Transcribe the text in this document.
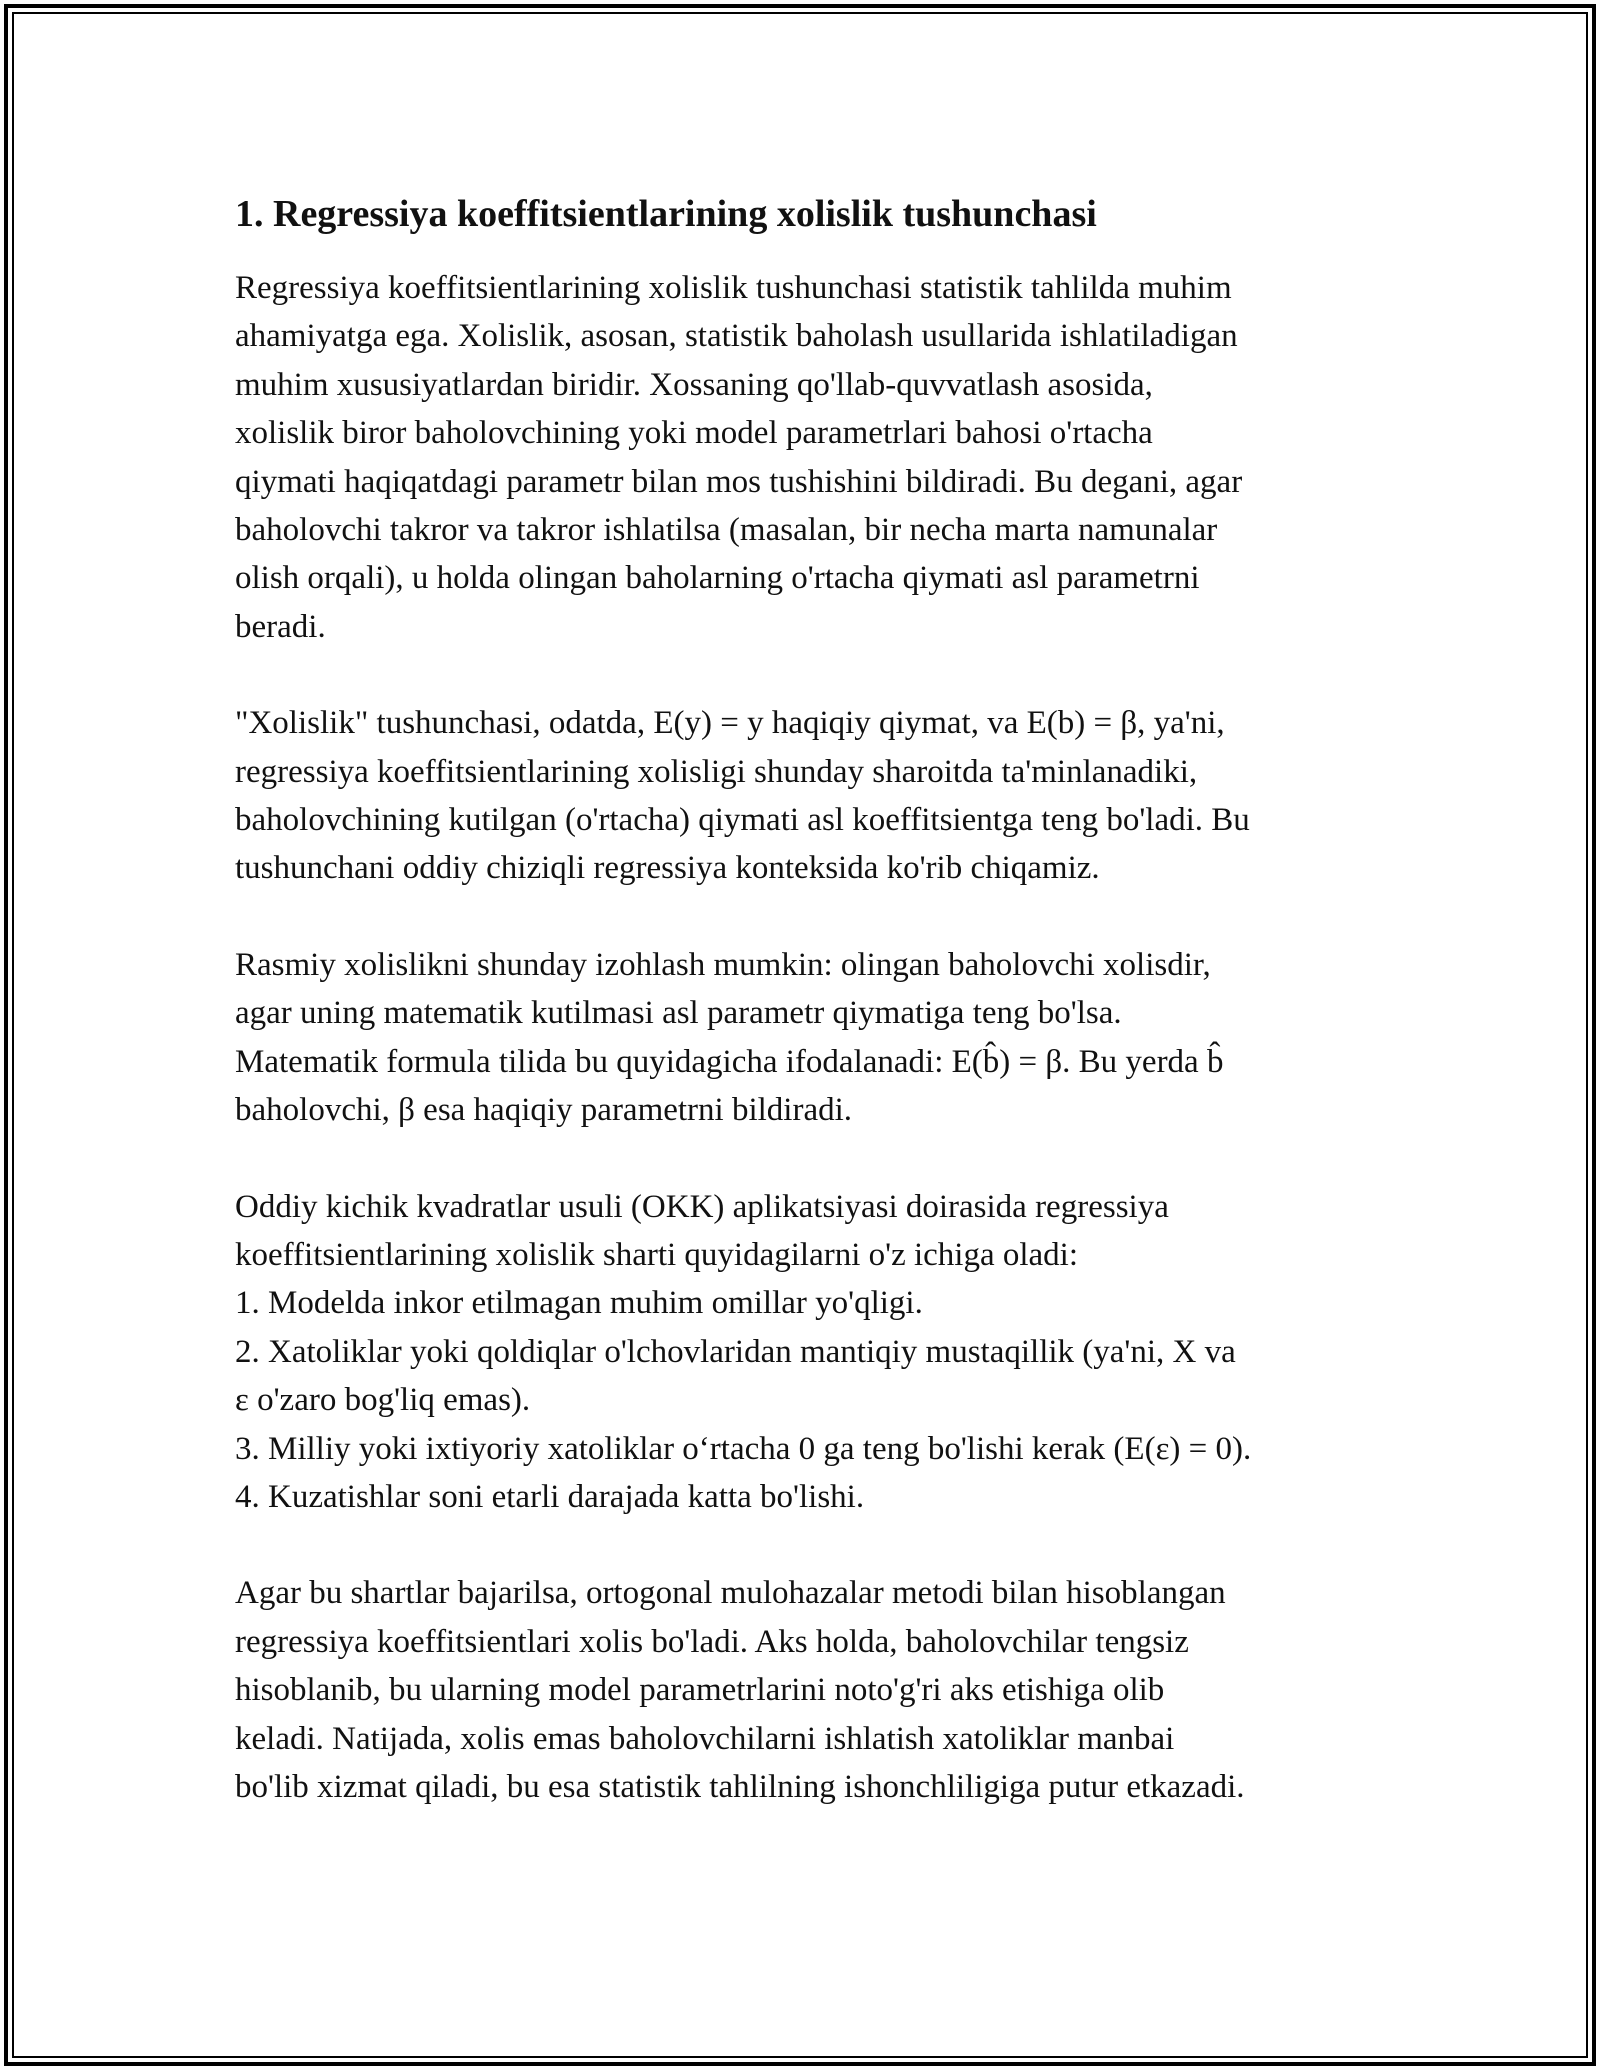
1. Regressiya koeffitsientlarining xolislik tushunchasi

Regressiya koeffitsientlarining xolislik tushunchasi statistik tahlilda muhim
ahamiyatga ega. Xolislik, asosan, statistik baholash usullarida ishlatiladigan
muhim xususiyatlardan biridir. Xossaning qo'llab-quvvatlash asosida,
xolislik biror baholovchining yoki model parametrlari bahosi o'rtacha
qiymati haqiqatdagi parametr bilan mos tushishini bildiradi. Bu degani, agar
baholovchi takror va takror ishlatilsa (masalan, bir necha marta namunalar
olish orqali), u holda olingan baholarning o'rtacha qiymati asl parametrni
beradi.

"Xolislik" tushunchasi, odatda, E(y) = y haqiqiy qiymat, va E(b) = β, ya'ni,
regressiya koeffitsientlarining xolisligi shunday sharoitda ta'minlanadiki,
baholovchining kutilgan (o'rtacha) qiymati asl koeffitsientga teng bo'ladi. Bu
tushunchani oddiy chiziqli regressiya konteksida ko'rib chiqamiz.

Rasmiy xolislikni shunday izohlash mumkin: olingan baholovchi xolisdir,
agar uning matematik kutilmasi asl parametr qiymatiga teng bo'lsa.
Matematik formula tilida bu quyidagicha ifodalanadi: E(b̂) = β. Bu yerda b̂
baholovchi, β esa haqiqiy parametrni bildiradi.

Oddiy kichik kvadratlar usuli (OKK) aplikatsiyasi doirasida regressiya
koeffitsientlarining xolislik sharti quyidagilarni o'z ichiga oladi:
1. Modelda inkor etilmagan muhim omillar yo'qligi.
2. Xatoliklar yoki qoldiqlar o'lchovlaridan mantiqiy mustaqillik (ya'ni, X va
ε o'zaro bog'liq emas).
3. Milliy yoki ixtiyoriy xatoliklar o‘rtacha 0 ga teng bo'lishi kerak (E(ε) = 0).
4. Kuzatishlar soni etarli darajada katta bo'lishi.

Agar bu shartlar bajarilsa, ortogonal mulohazalar metodi bilan hisoblangan
regressiya koeffitsientlari xolis bo'ladi. Aks holda, baholovchilar tengsiz
hisoblanib, bu ularning model parametrlarini noto'g'ri aks etishiga olib
keladi. Natijada, xolis emas baholovchilarni ishlatish xatoliklar manbai
bo'lib xizmat qiladi, bu esa statistik tahlilning ishonchliligiga putur etkazadi.
